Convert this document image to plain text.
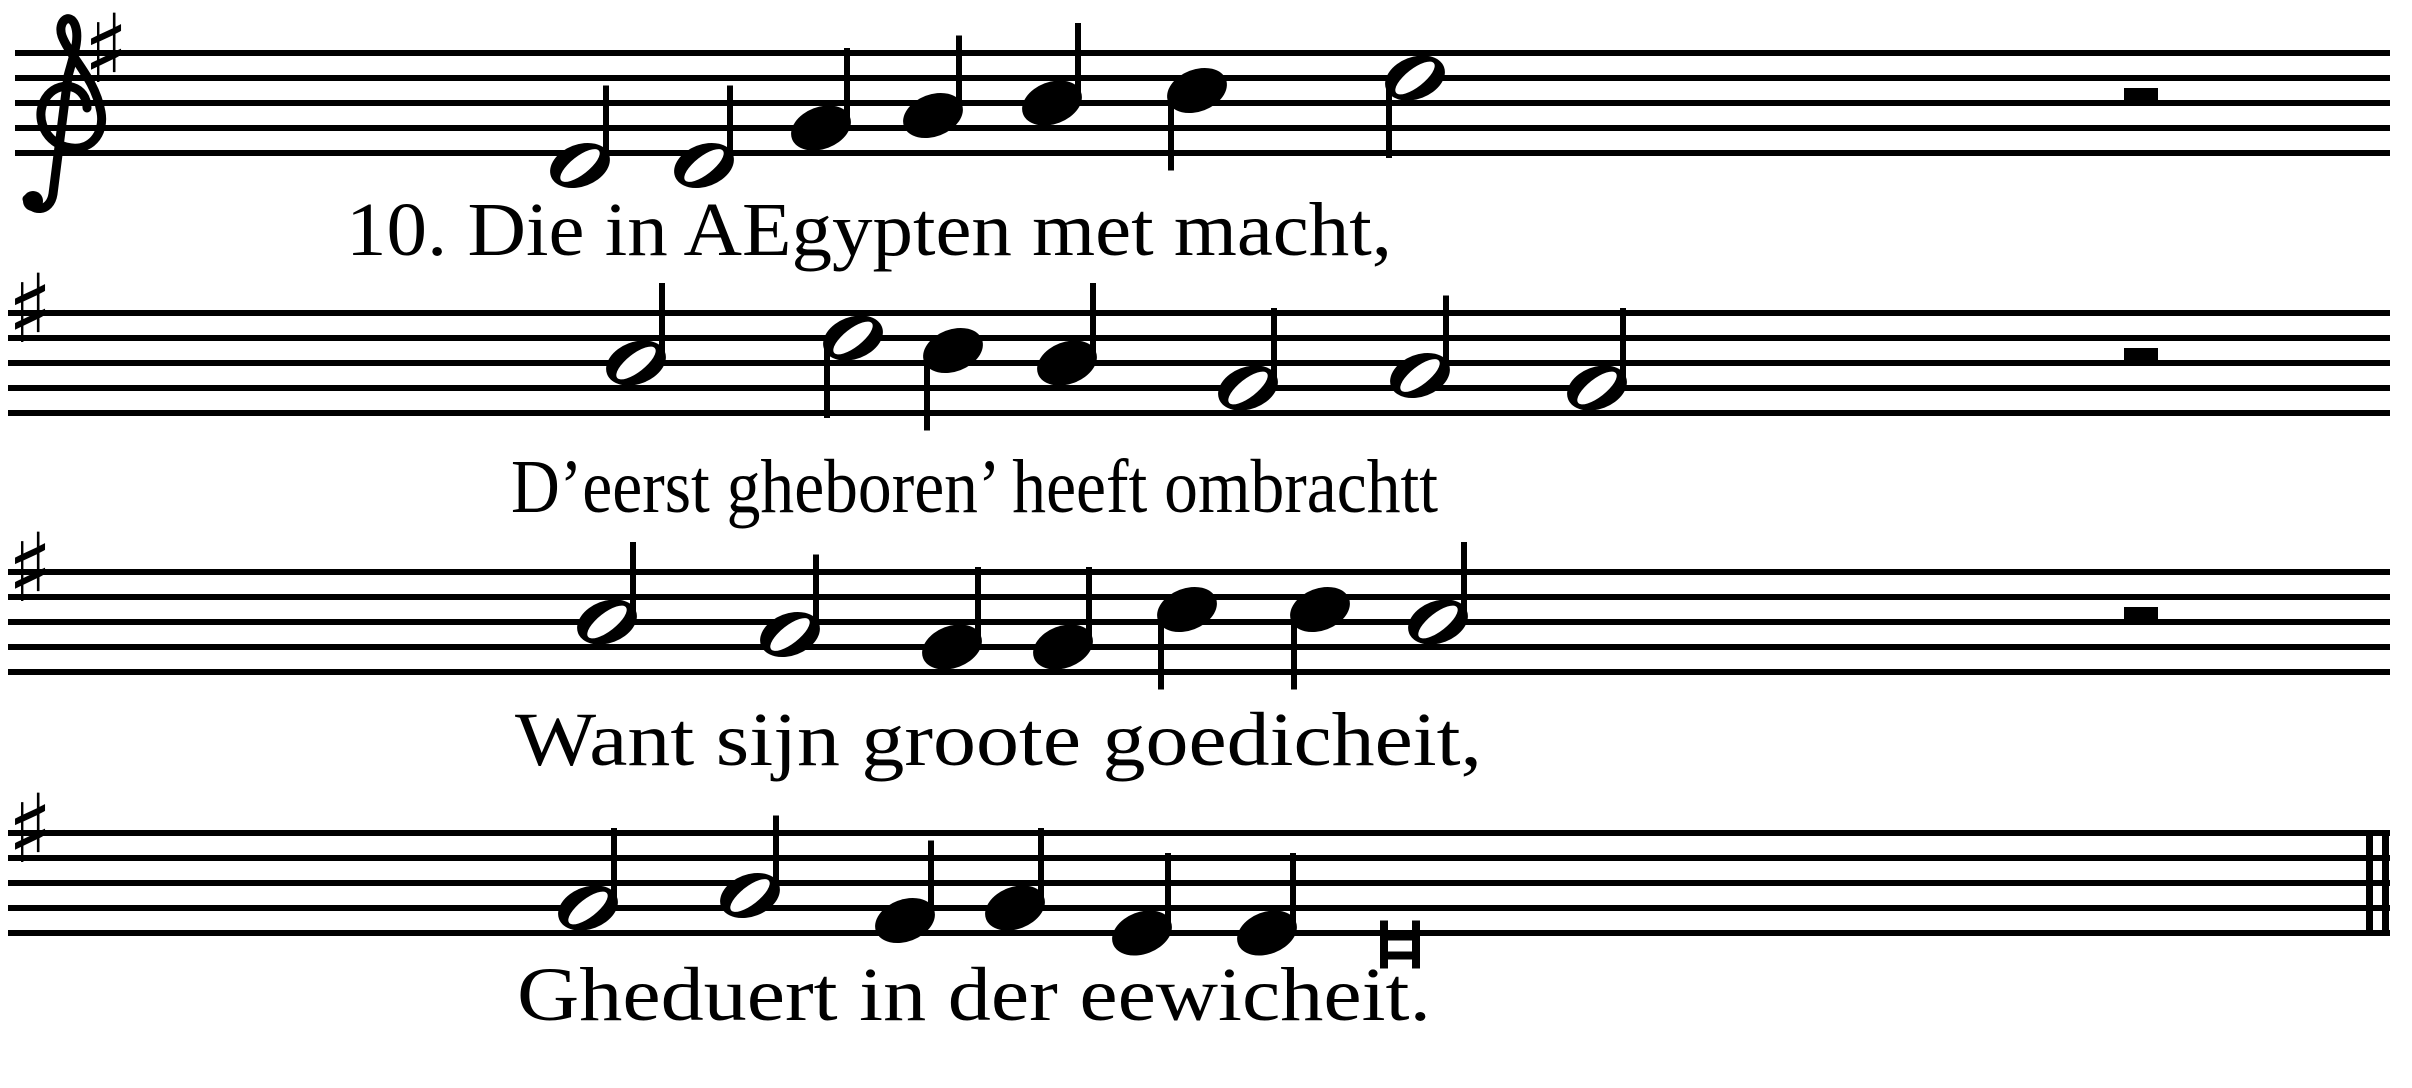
♯
♯
♯
♯
10. Die in AEgypten met macht,
D’eerst gheboren’ heeft ombrachtt
Want sijn groote goedicheit,
Gheduert in der eewicheit.
